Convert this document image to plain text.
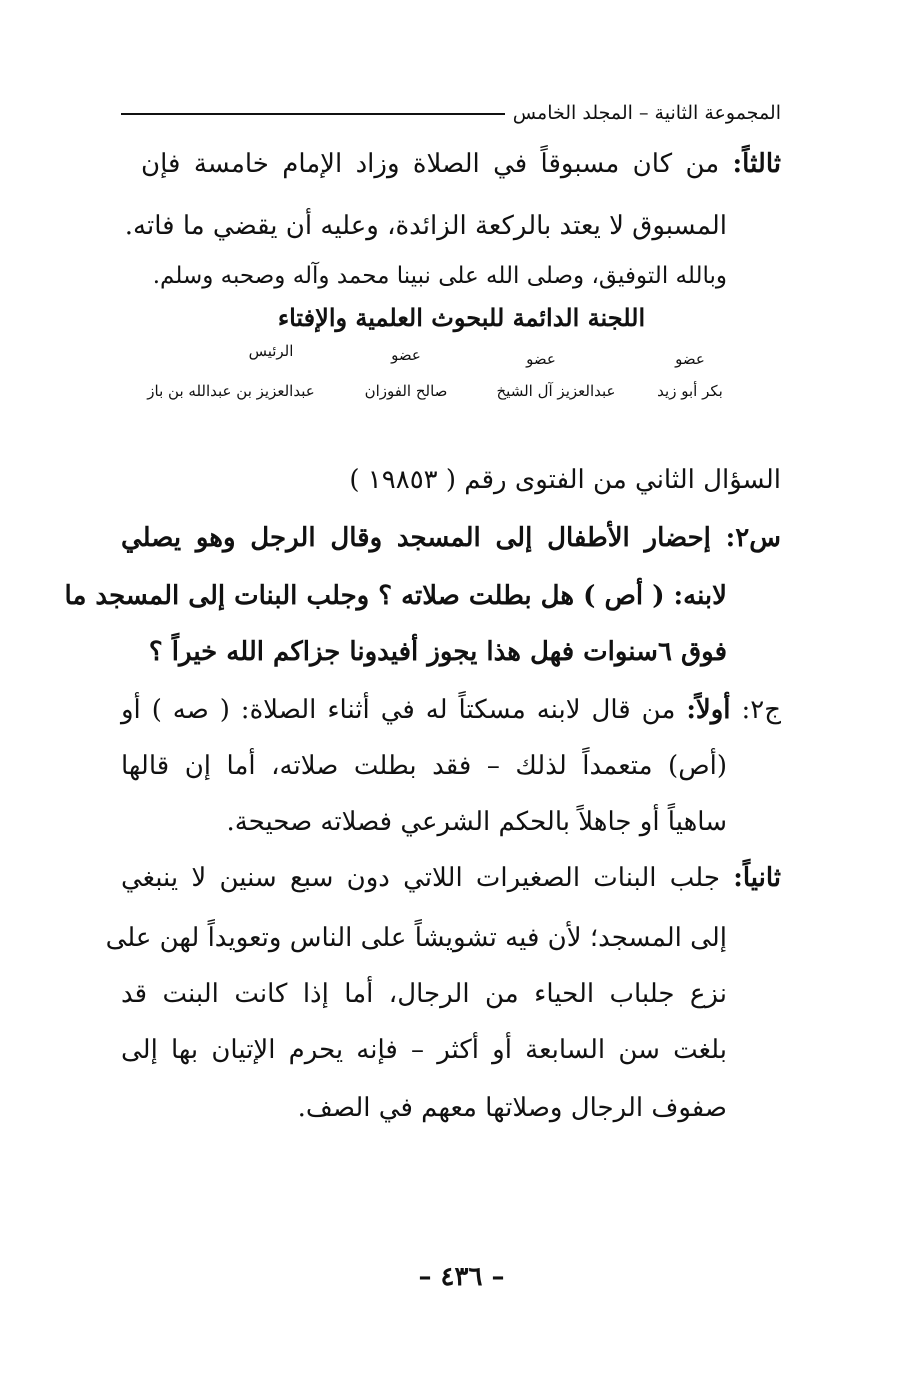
المجموعة الثانية – المجلد الخامس
ثالثاً: من كان مسبوقاً في الصلاة وزاد الإمام خامسة فإن
المسبوق لا يعتد بالركعة الزائدة، وعليه أن يقضي ما فاته.
وبالله التوفيق، وصلى الله على نبينا محمد وآله وصحبه وسلم.
اللجنة الدائمة للبحوث العلمية والإفتاء
عضو
بكر أبو زيد
عضو
عبدالعزيز آل الشيخ
عضو
صالح الفوزان
الرئيس
عبدالعزيز بن عبدالله بن باز
السؤال الثاني من الفتوى رقم ( ١٩٨٥٣ )
س٢: إحضار الأطفال إلى المسجد وقال الرجل وهو يصلي
لابنه: ( أص ) هل بطلت صلاته ؟ وجلب البنات إلى المسجد ما
فوق ٦سنوات فهل هذا يجوز أفيدونا جزاكم الله خيراً ؟
ج٢: أولاً: من قال لابنه مسكتاً له في أثناء الصلاة: ( صه ) أو
(أص) متعمداً لذلك – فقد بطلت صلاته، أما إن قالها
ساهياً أو جاهلاً بالحكم الشرعي فصلاته صحيحة.
ثانياً: جلب البنات الصغيرات اللاتي دون سبع سنين لا ينبغي
إلى المسجد؛ لأن فيه تشويشاً على الناس وتعويداً لهن على
نزع جلباب الحياء من الرجال، أما إذا كانت البنت قد
بلغت سن السابعة أو أكثر – فإنه يحرم الإتيان بها إلى
صفوف الرجال وصلاتها معهم في الصف.
– ٤٣٦ –
